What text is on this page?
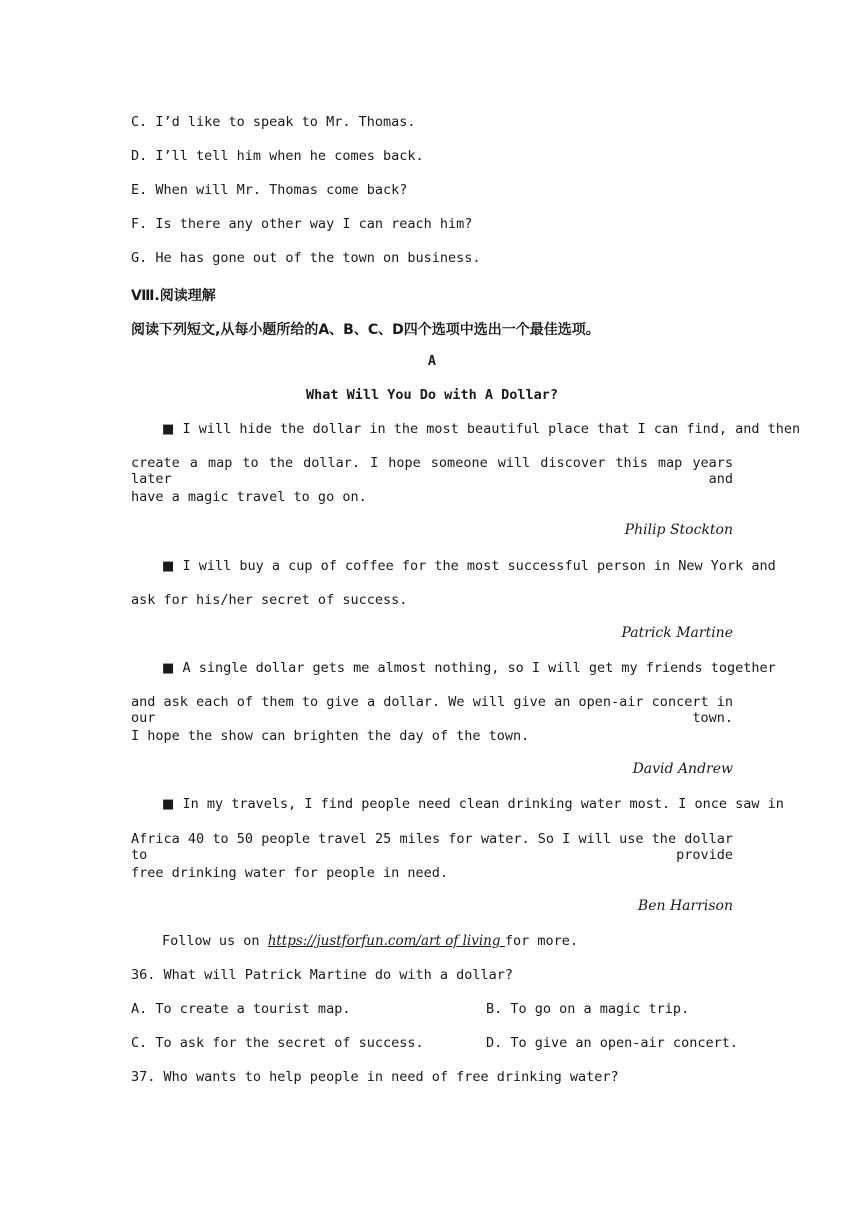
C. I’d like to speak to Mr. Thomas.
D. I’ll tell him when he comes back.
E. When will Mr. Thomas come back?
F. Is there any other way I can reach him?
G. He has gone out of the town on business.
Ⅷ.阅读理解
阅读下列短文,从每小题所给的A、B、C、D四个选项中选出一个最佳选项。
A
What Will You Do with A Dollar?
■ I will hide the dollar in the most beautiful place that I can find, and then
create a map to the dollar. I hope someone will discover this map years later and
have a magic travel to go on.
Philip Stockton
■ I will buy a cup of coffee for the most successful person in New York and
ask for his/her secret of success.
Patrick Martine
■ A single dollar gets me almost nothing, so I will get my friends together
and ask each of them to give a dollar. We will give an open-air concert in our town.
I hope the show can brighten the day of the town.
David Andrew
■ In my travels, I find people need clean drinking water most. I once saw in
Africa 40 to 50 people travel 25 miles for water. So I will use the dollar to provide
free drinking water for people in need.
Ben Harrison
Follow us on https://justforfun.com/art of living for more.
36. What will Patrick Martine do with a dollar?
A. To create a tourist map.	B. To go on a magic trip.
C. To ask for the secret of success.	D. To give an open-air concert.
37. Who wants to help people in need of free drinking water?
